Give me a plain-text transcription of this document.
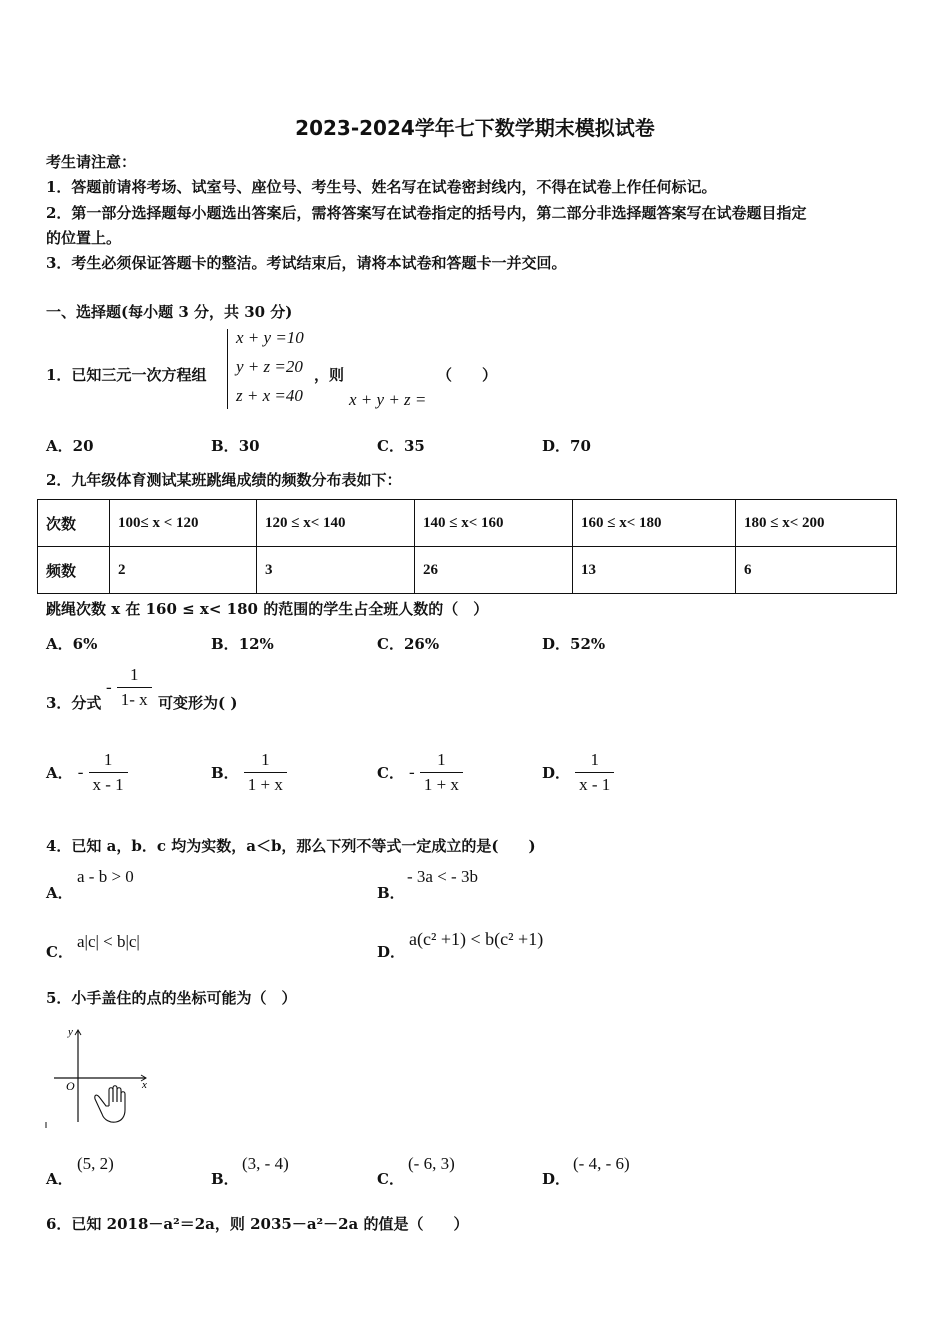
2023-2024学年七下数学期末模拟试卷
考生请注意：
1．答题前请将考场、试室号、座位号、考生号、姓名写在试卷密封线内，不得在试卷上作任何标记。
2．第一部分选择题每小题选出答案后，需将答案写在试卷指定的括号内，第二部分非选择题答案写在试卷题目指定
的位置上。
3．考生必须保证答题卡的整洁。考试结束后，请将本试卷和答题卡一并交回。
一、选择题(每小题 3 分，共 30 分)
1．已知三元一次方程组
x + y =10
y + z =20
z + x =40
，则
x + y + z =
（　　）
A．20	B．30	C．35	D．70
2．九年级体育测试某班跳绳成绩的频数分布表如下：
次数	100≤ x < 120	120 ≤ x< 140	140 ≤ x< 160	160 ≤ x< 180	180 ≤ x< 200
频数	2	3	26	13	6
跳绳次数 x 在 160 ≤ x< 180 的范围的学生占全班人数的（　）
A．6%	B．12%	C．26%	D．52%
3．分式
- $\frac{1}{1- x}$ 可变形为( )
A． - $\frac{1}{x - 1}$	B． $\frac{1}{1 + x}$	C． - $\frac{1}{1 + x}$	D． $\frac{1}{x - 1}$
4．已知 a，b．c 均为实数，a＜b，那么下列不等式一定成立的是(　　)
A．
a - b > 0
B．
- 3a < - 3b
C．
a|c| < b|c|
D．
a(c² +1) < b(c² +1)
5．小手盖住的点的坐标可能为（　）
y
x
O
A．
(5, 2)
B．
(3, - 4)
C．
(- 6, 3)
D．
(- 4, - 6)
6．已知 2018－a²＝2a，则 2035－a²－2a 的值是（　　）
